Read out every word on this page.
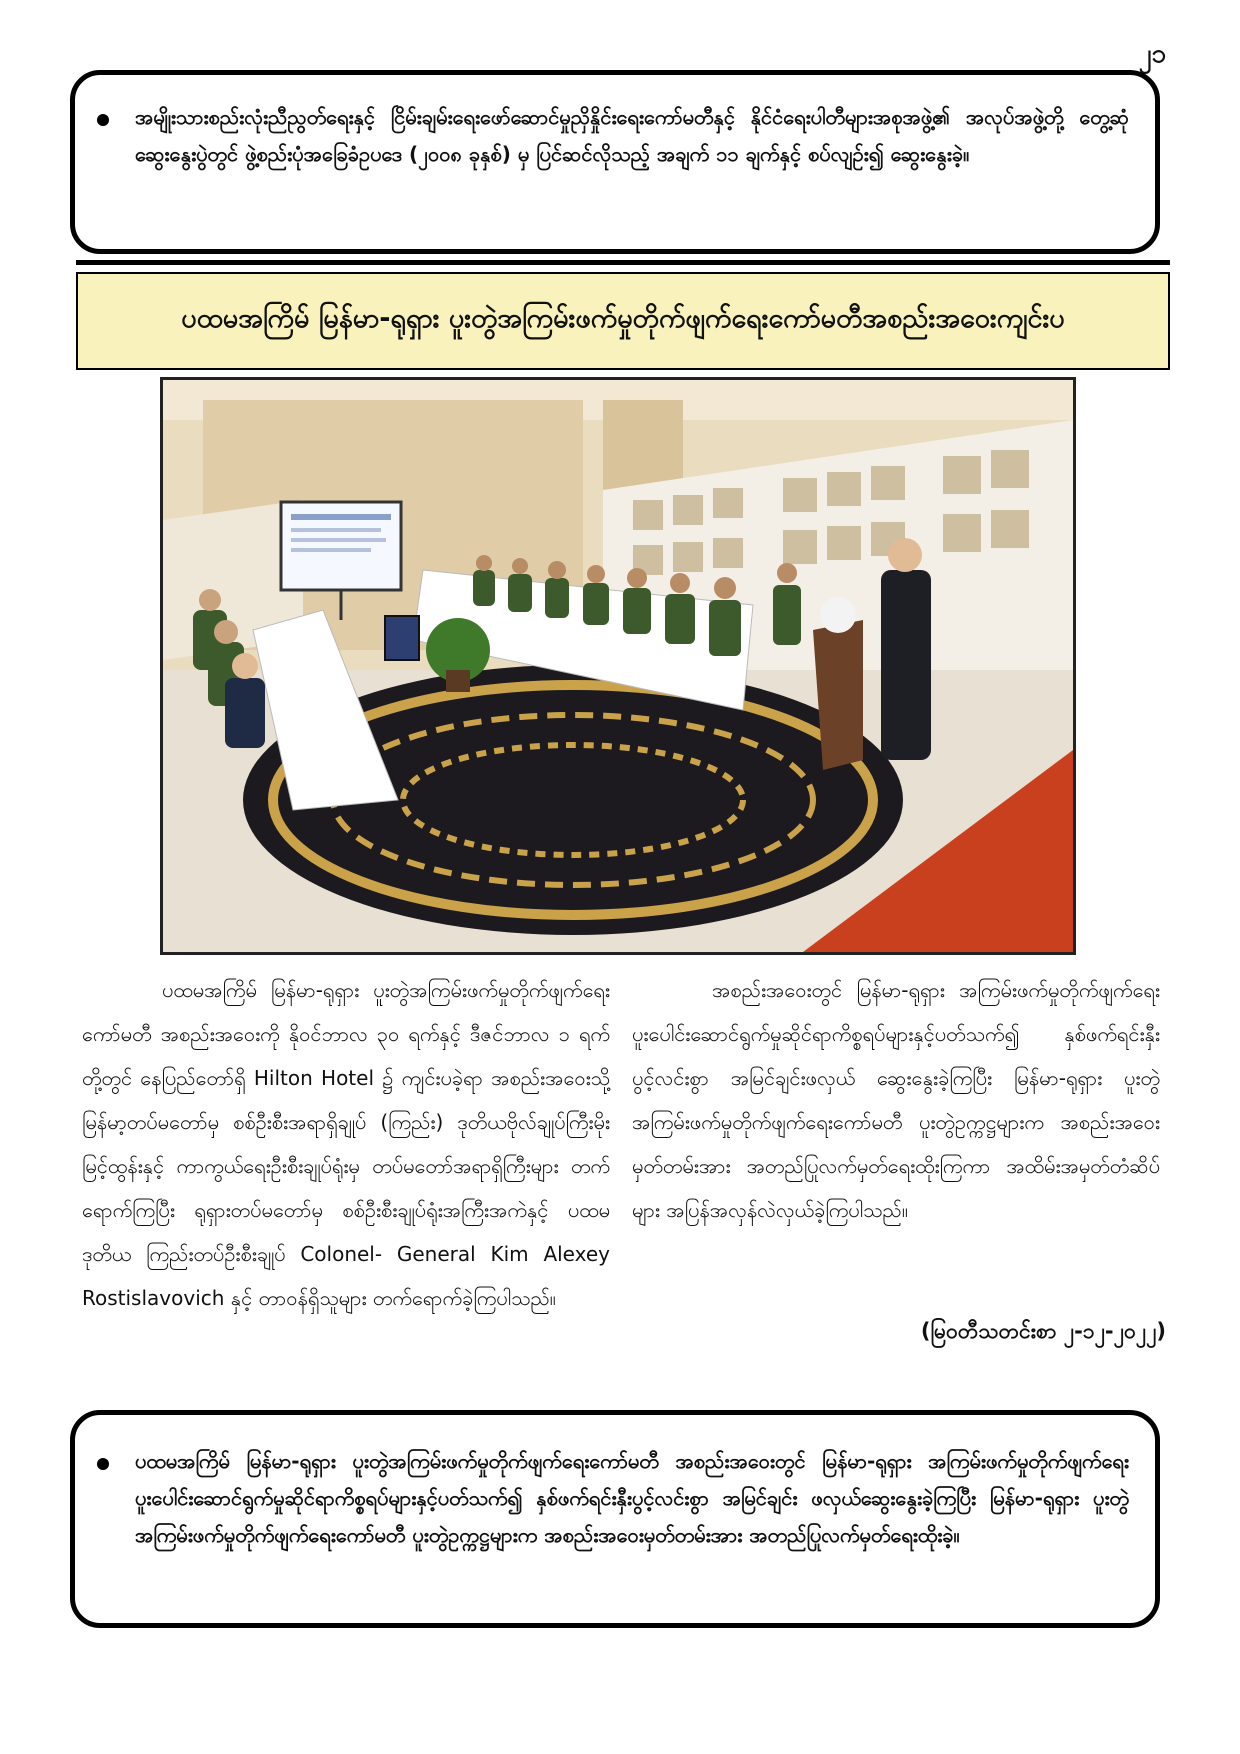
၂၁
အမျိုးသားစည်းလုံးညီညွတ်ရေးနှင့် ငြိမ်းချမ်းရေးဖော်ဆောင်မှုညှိနှိုင်းရေးကော်မတီနှင့် နိုင်ငံရေးပါတီများအစုအဖွဲ့၏ အလုပ်အဖွဲ့တို့ တွေ့ဆုံဆွေးနွေးပွဲတွင် ဖွဲ့စည်းပုံအခြေခံဥပဒေ (၂၀၀၈ ခုနှစ်) မှ ပြင်ဆင်လိုသည့် အချက် ၁၁ ချက်နှင့် စပ်လျဉ်း၍ ဆွေးနွေးခဲ့။
ပထမအကြိမ် မြန်မာ-ရုရှား ပူးတွဲအကြမ်းဖက်မှုတိုက်ဖျက်ရေးကော်မတီအစည်းအဝေးကျင်းပ

ပထမအကြိမ် မြန်မာ-ရုရှား ပူးတွဲအကြမ်းဖက်မှုတိုက်ဖျက်ရေးကော်မတီ အစည်းအဝေးကို နိုဝင်ဘာလ ၃၀ ရက်နှင့် ဒီဇင်ဘာလ ၁ ရက်တို့တွင် နေပြည်တော်ရှိ Hilton Hotel ၌ ကျင်းပခဲ့ရာ အစည်းအဝေးသို့ မြန်မာ့တပ်မတော်မှ စစ်ဦးစီးအရာရှိချုပ် (ကြည်း) ဒုတိယဗိုလ်ချုပ်ကြီးမိုးမြင့်ထွန်းနှင့် ကာကွယ်ရေးဦးစီးချုပ်ရုံးမှ တပ်မတော်အရာရှိကြီးများ တက်ရောက်ကြပြီး ရုရှားတပ်မတော်မှ စစ်ဦးစီးချုပ်ရုံးအကြီးအကဲနှင့် ပထမဒုတိယ ကြည်းတပ်ဦးစီးချုပ် Colonel- General Kim Alexey Rostislavovich နှင့် တာဝန်ရှိသူများ တက်ရောက်ခဲ့ကြပါသည်။

အစည်းအဝေးတွင် မြန်မာ-ရုရှား အကြမ်းဖက်မှုတိုက်ဖျက်ရေး ပူးပေါင်းဆောင်ရွက်မှုဆိုင်ရာကိစ္စရပ်များနှင့်ပတ်သက်၍ နှစ်ဖက်ရင်းနှီးပွင့်လင်းစွာ အမြင်ချင်းဖလှယ် ဆွေးနွေးခဲ့ကြပြီး မြန်မာ-ရုရှား ပူးတွဲအကြမ်းဖက်မှုတိုက်ဖျက်ရေးကော်မတီ ပူးတွဲဥက္ကဋ္ဌများက အစည်းအဝေးမှတ်တမ်းအား အတည်ပြုလက်မှတ်ရေးထိုးကြကာ အထိမ်းအမှတ်တံဆိပ်များ အပြန်အလှန်လဲလှယ်ခဲ့ကြပါသည်။

(မြဝတီသတင်းစာ ၂-၁၂-၂၀၂၂)
ပထမအကြိမ် မြန်မာ-ရုရှား ပူးတွဲအကြမ်းဖက်မှုတိုက်ဖျက်ရေးကော်မတီ အစည်းအဝေးတွင် မြန်မာ-ရုရှား အကြမ်းဖက်မှုတိုက်ဖျက်ရေး ပူးပေါင်းဆောင်ရွက်မှုဆိုင်ရာကိစ္စရပ်များနှင့်ပတ်သက်၍ နှစ်ဖက်ရင်းနှီးပွင့်လင်းစွာ အမြင်ချင်း ဖလှယ်ဆွေးနွေးခဲ့ကြပြီး မြန်မာ-ရုရှား ပူးတွဲအကြမ်းဖက်မှုတိုက်ဖျက်ရေးကော်မတီ ပူးတွဲဥက္ကဋ္ဌများက အစည်းအဝေးမှတ်တမ်းအား အတည်ပြုလက်မှတ်ရေးထိုးခဲ့။
